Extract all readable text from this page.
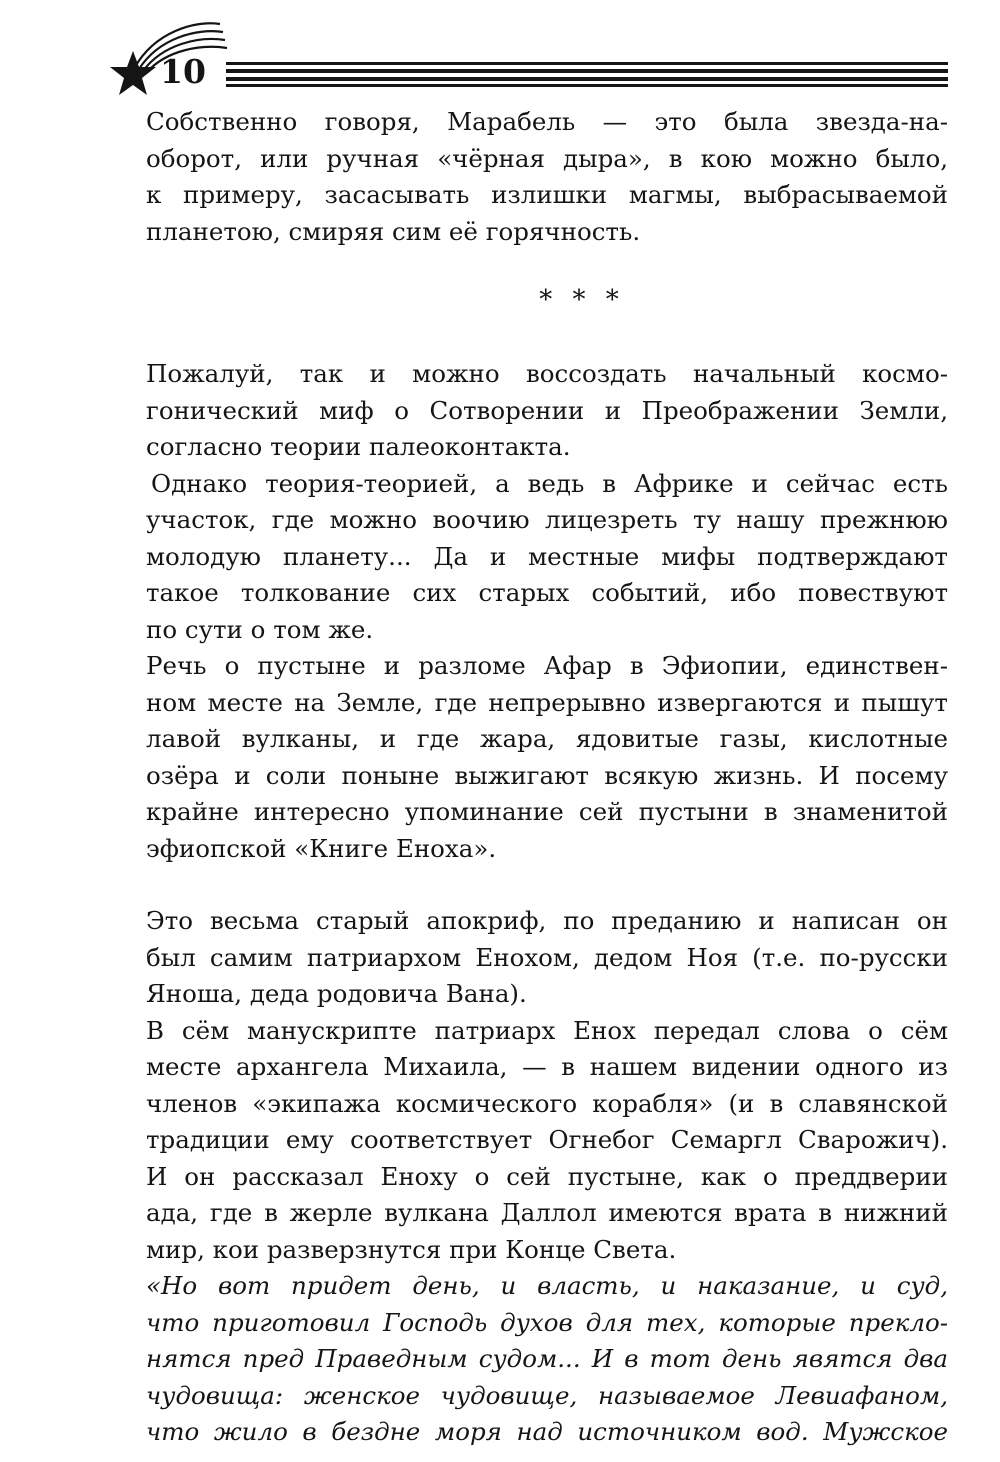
10

Собственно говоря, Марабель — это была звезда-на-
оборот, или ручная «чёрная дыра», в кою можно было,
к примеру, засасывать излишки магмы, выбрасываемой
планетою, смиряя сим её горячность.

* * *

Пожалуй, так и можно воссоздать начальный космо-
гонический миф о Сотворении и Преображении Земли,
согласно теории палеоконтакта.

Однако теория-теорией, а ведь в Африке и сейчас есть
участок, где можно воочию лицезреть ту нашу прежнюю
молодую планету... Да и местные мифы подтверждают
такое толкование сих старых событий, ибо повествуют
по сути о том же.

Речь о пустыне и разломе Афар в Эфиопии, единствен-
ном месте на Земле, где непрерывно извергаются и пышут
лавой вулканы, и где жара, ядовитые газы, кислотные
озёра и соли поныне выжигают всякую жизнь. И посему
крайне интересно упоминание сей пустыни в знаменитой
эфиопской «Книге Еноха».

Это весьма старый апокриф, по преданию и написан он
был самим патриархом Енохом, дедом Ноя (т.е. по-русски
Яноша, деда родовича Вана).

В сём манускрипте патриарх Енох передал слова о сём
месте архангела Михаила, — в нашем видении одного из
членов «экипажа космического корабля» (и в славянской
традиции ему соответствует Огнебог Семаргл Сварожич).
И он рассказал Еноху о сей пустыне, как о преддверии
ада, где в жерле вулкана Даллол имеются врата в нижний
мир, кои разверзнутся при Конце Света.

«Но вот придет день, и власть, и наказание, и суд,
что приготовил Господь духов для тех, которые прекло-
нятся пред Праведным судом... И в тот день явятся два
чудовища: женское чудовище, называемое Левиафаном,
что жило в бездне моря над источником вод. Мужское
